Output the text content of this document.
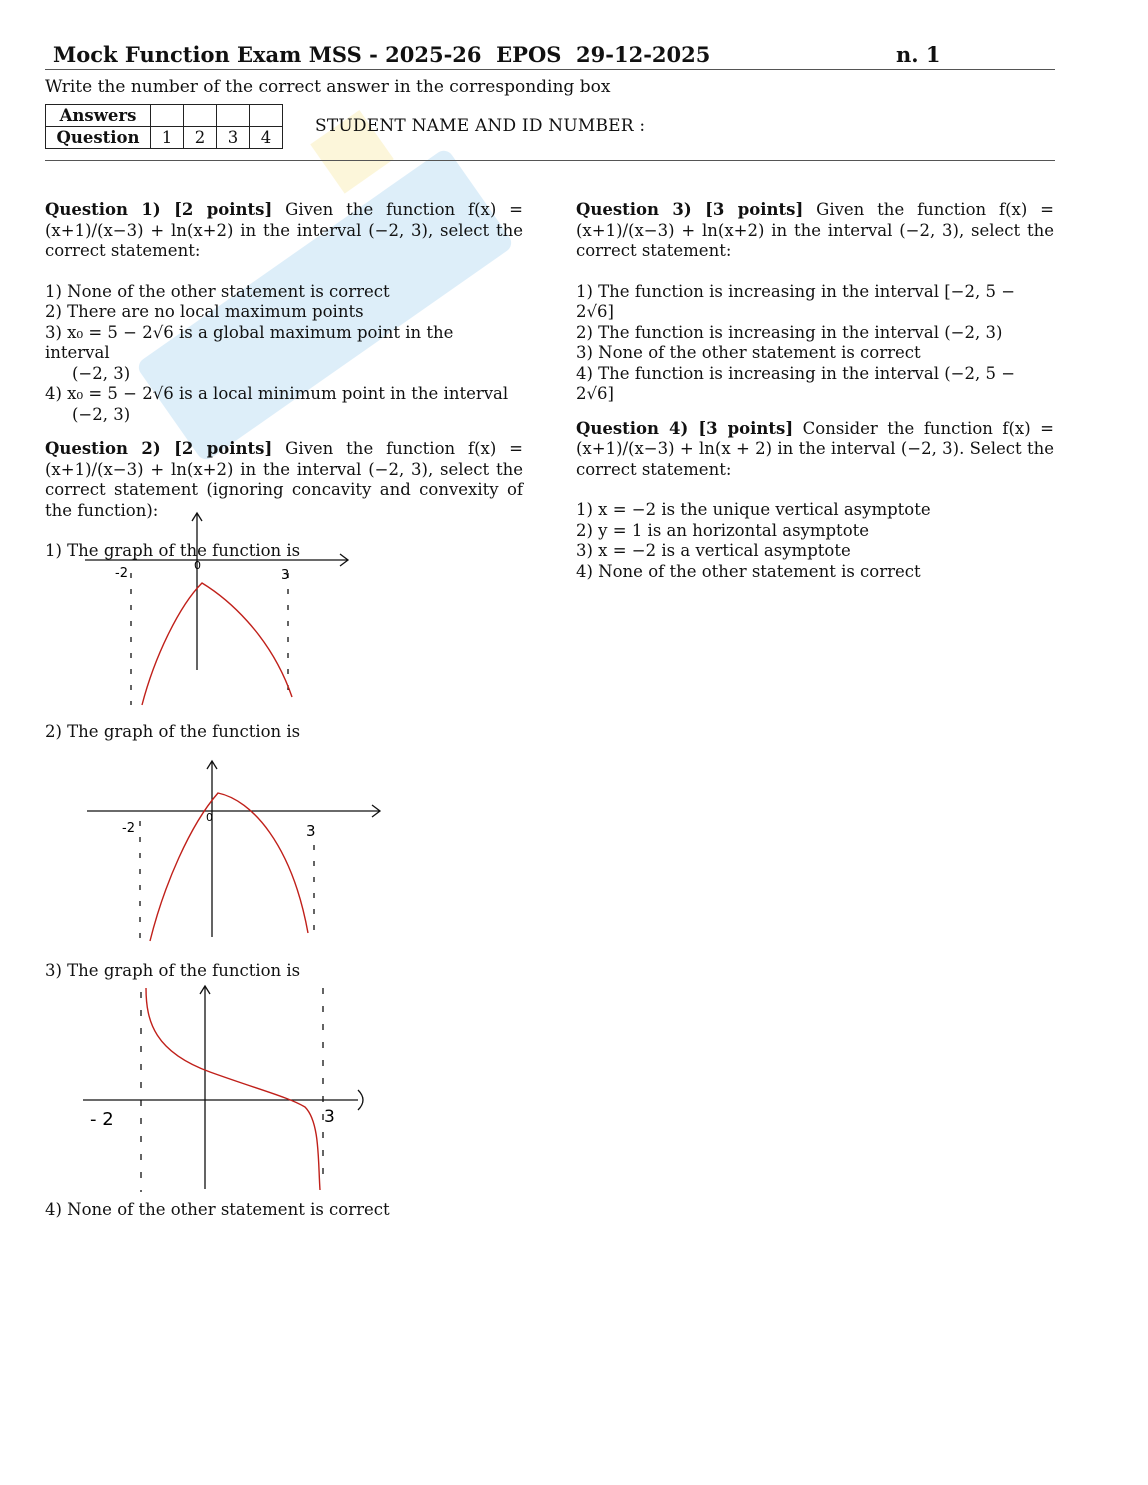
Mock Function Exam MSS - 2025-26  EPOS  29-12-2025	n. 1
Write the number of the correct answer in the corresponding box
Answers				
Question	1	2	3	4
STUDENT NAME AND ID NUMBER :

Question 1) [2 points] Given the function f(x) = (x+1)/(x−3) + ln(x+2) in the interval (−2, 3), select the correct statement:

1) None of the other statement is correct

2) There are no local maximum points

3) x₀ = 5 − 2√6 is a global maximum point in the interval
(−2, 3)

4) x₀ = 5 − 2√6 is a local minimum point in the interval
(−2, 3)

Question 2) [2 points] Given the function f(x) = (x+1)/(x−3) + ln(x+2) in the interval (−2, 3), select the correct statement (ignoring concavity and convexity of the function):

1) The graph of the function is

-2	3
0

2) The graph of the function is

-2	3
0

3) The graph of the function is

- 2	3

4) None of the other statement is correct

Question 3) [3 points] Given the function f(x) = (x+1)/(x−3) + ln(x+2) in the interval (−2, 3), select the correct statement:

1) The function is increasing in the interval [−2, 5 − 2√6]

2) The function is increasing in the interval (−2, 3)

3) None of the other statement is correct

4) The function is increasing in the interval (−2, 5 − 2√6]

Question 4) [3 points] Consider the function f(x) = (x+1)/(x−3) + ln(x + 2) in the interval (−2, 3). Select the correct statement:

1) x = −2 is the unique vertical asymptote

2) y = 1 is an horizontal asymptote

3) x = −2 is a vertical asymptote

4) None of the other statement is correct
